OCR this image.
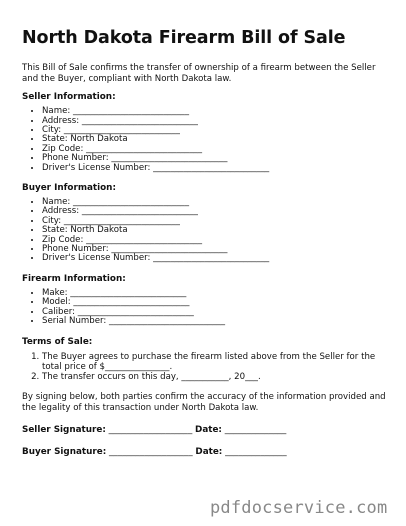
North Dakota Firearm Bill of Sale

This Bill of Sale confirms the transfer of ownership of a firearm between the Seller and the Buyer, compliant with North Dakota law.

Seller Information:
• Name: ___________________________
• Address: ___________________________
• City: ___________________________
• State: North Dakota
• Zip Code: ___________________________
• Phone Number: ___________________________
• Driver's License Number: ___________________________
Buyer Information:
• Name: ___________________________
• Address: ___________________________
• City: ___________________________
• State: North Dakota
• Zip Code: ___________________________
• Phone Number: ___________________________
• Driver's License Number: ___________________________
Firearm Information:
• Make: ___________________________
• Model: ___________________________
• Caliber: ___________________________
• Serial Number: ___________________________
Terms of Sale:
1. The Buyer agrees to purchase the firearm listed above from the Seller for the total price of $_______________.
2. The transfer occurs on this day, ___________, 20___.

By signing below, both parties confirm the accuracy of the information provided and the legality of this transaction under North Dakota law.

Seller Signature: ___________________ Date: ______________
Buyer Signature: ___________________ Date: ______________
pdfdocservice.com
